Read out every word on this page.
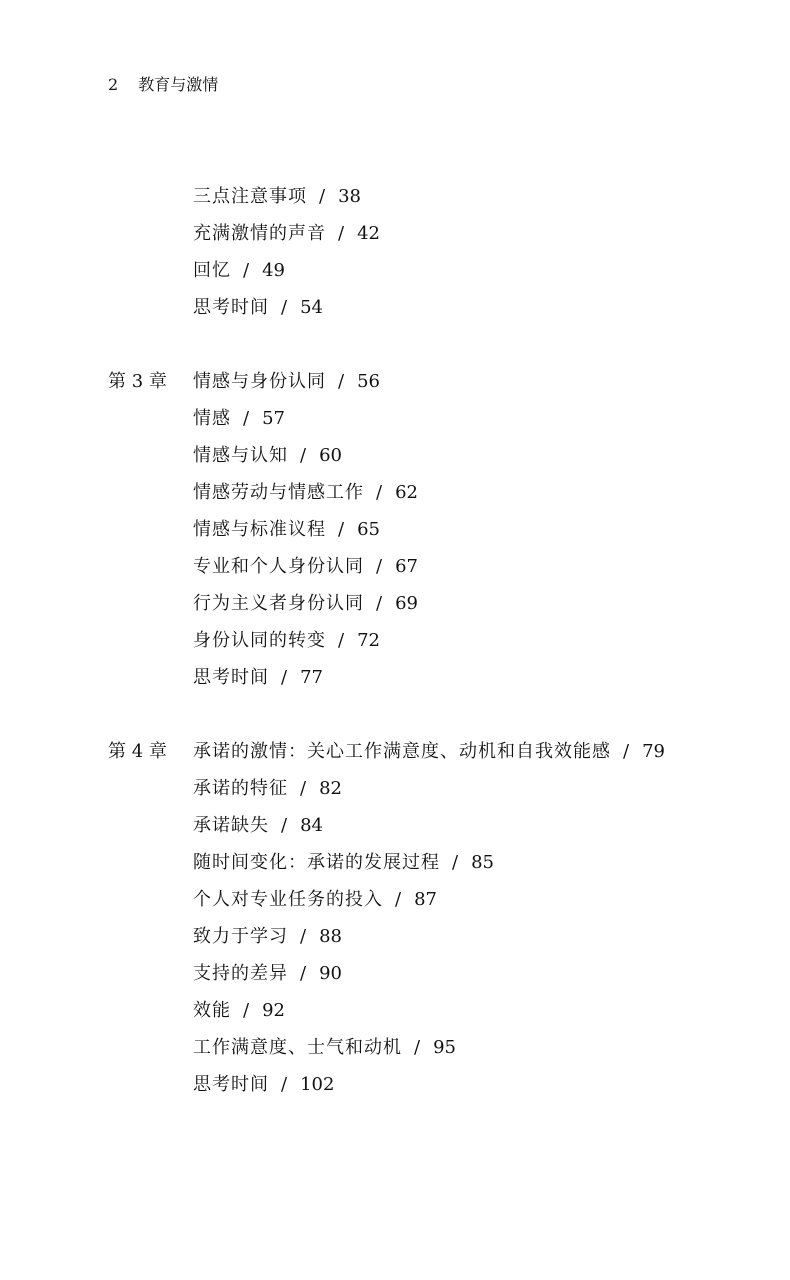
2 教育与激情
三点注意事项 / 38
充满激情的声音 / 42
回忆 / 49
思考时间 / 54
第 3 章 情感与身份认同 / 56
情感 / 57
情感与认知 / 60
情感劳动与情感工作 / 62
情感与标准议程 / 65
专业和个人身份认同 / 67
行为主义者身份认同 / 69
身份认同的转变 / 72
思考时间 / 77
第 4 章 承诺的激情：关心工作满意度、动机和自我效能感 / 79
承诺的特征 / 82
承诺缺失 / 84
随时间变化：承诺的发展过程 / 85
个人对专业任务的投入 / 87
致力于学习 / 88
支持的差异 / 90
效能 / 92
工作满意度、士气和动机 / 95
思考时间 / 102
